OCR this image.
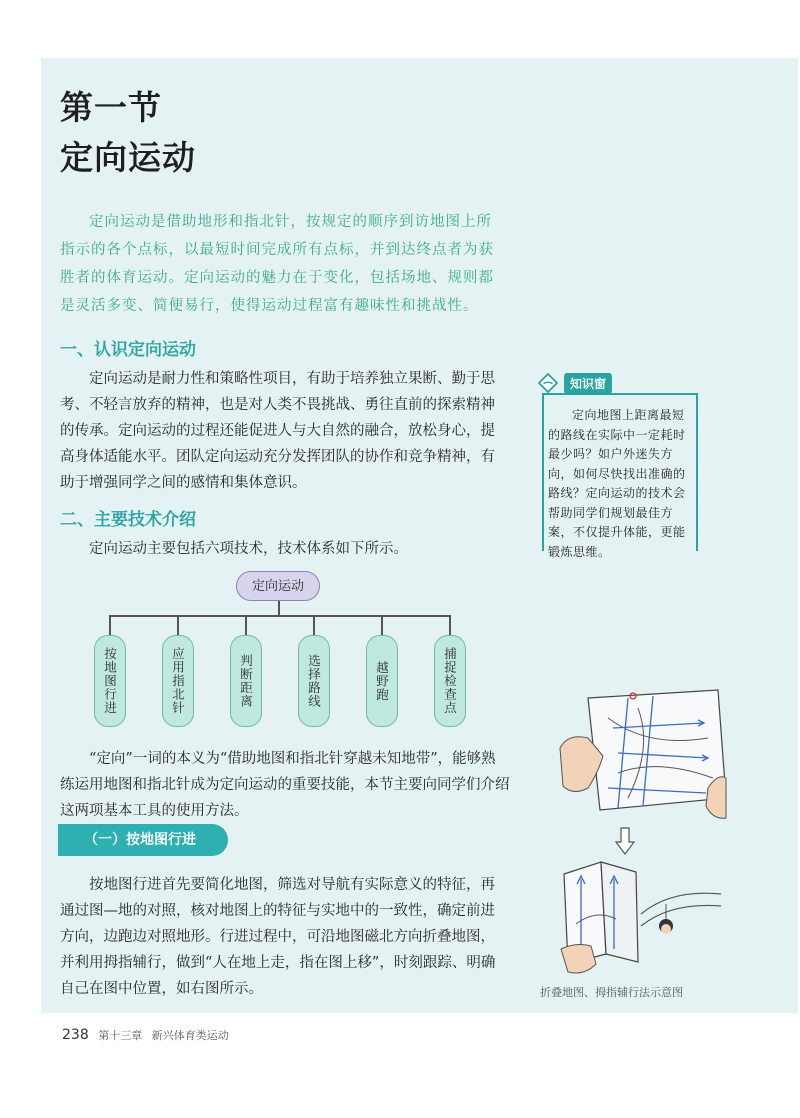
第一节
定向运动
定向运动是借助地形和指北针，按规定的顺序到访地图上所指示的各个点标，以最短时间完成所有点标，并到达终点者为获胜者的体育运动。定向运动的魅力在于变化，包括场地、规则都是灵活多变、简便易行，使得运动过程富有趣味性和挑战性。
一、认识定向运动
定向运动是耐力性和策略性项目，有助于培养独立果断、勤于思考、不轻言放弃的精神，也是对人类不畏挑战、勇往直前的探索精神的传承。定向运动的过程还能促进人与大自然的融合，放松身心，提高身体适能水平。团队定向运动充分发挥团队的协作和竞争精神，有助于增强同学之间的感情和集体意识。
知识窗
定向地图上距离最短的路线在实际中一定耗时最少吗？如户外迷失方向，如何尽快找出准确的路线？定向运动的技术会帮助同学们规划最佳方案，不仅提升体能，更能锻炼思维。
二、主要技术介绍
定向运动主要包括六项技术，技术体系如下所示。
定向运动
按地图行进	应用指北针	判断距离	选择路线	越野跑	捕捉检查点
“定向”一词的本义为“借助地图和指北针穿越未知地带”，能够熟练运用地图和指北针成为定向运动的重要技能，本节主要向同学们介绍这两项基本工具的使用方法。
（一）按地图行进
按地图行进首先要简化地图，筛选对导航有实际意义的特征，再通过图—地的对照，核对地图上的特征与实地中的一致性，确定前进方向，边跑边对照地形。行进过程中，可沿地图磁北方向折叠地图，并利用拇指辅行，做到“人在地上走，指在图上移”，时刻跟踪、明确自己在图中位置，如右图所示。	折叠地图、拇指辅行法示意图
238 第十三章 新兴体育类运动
